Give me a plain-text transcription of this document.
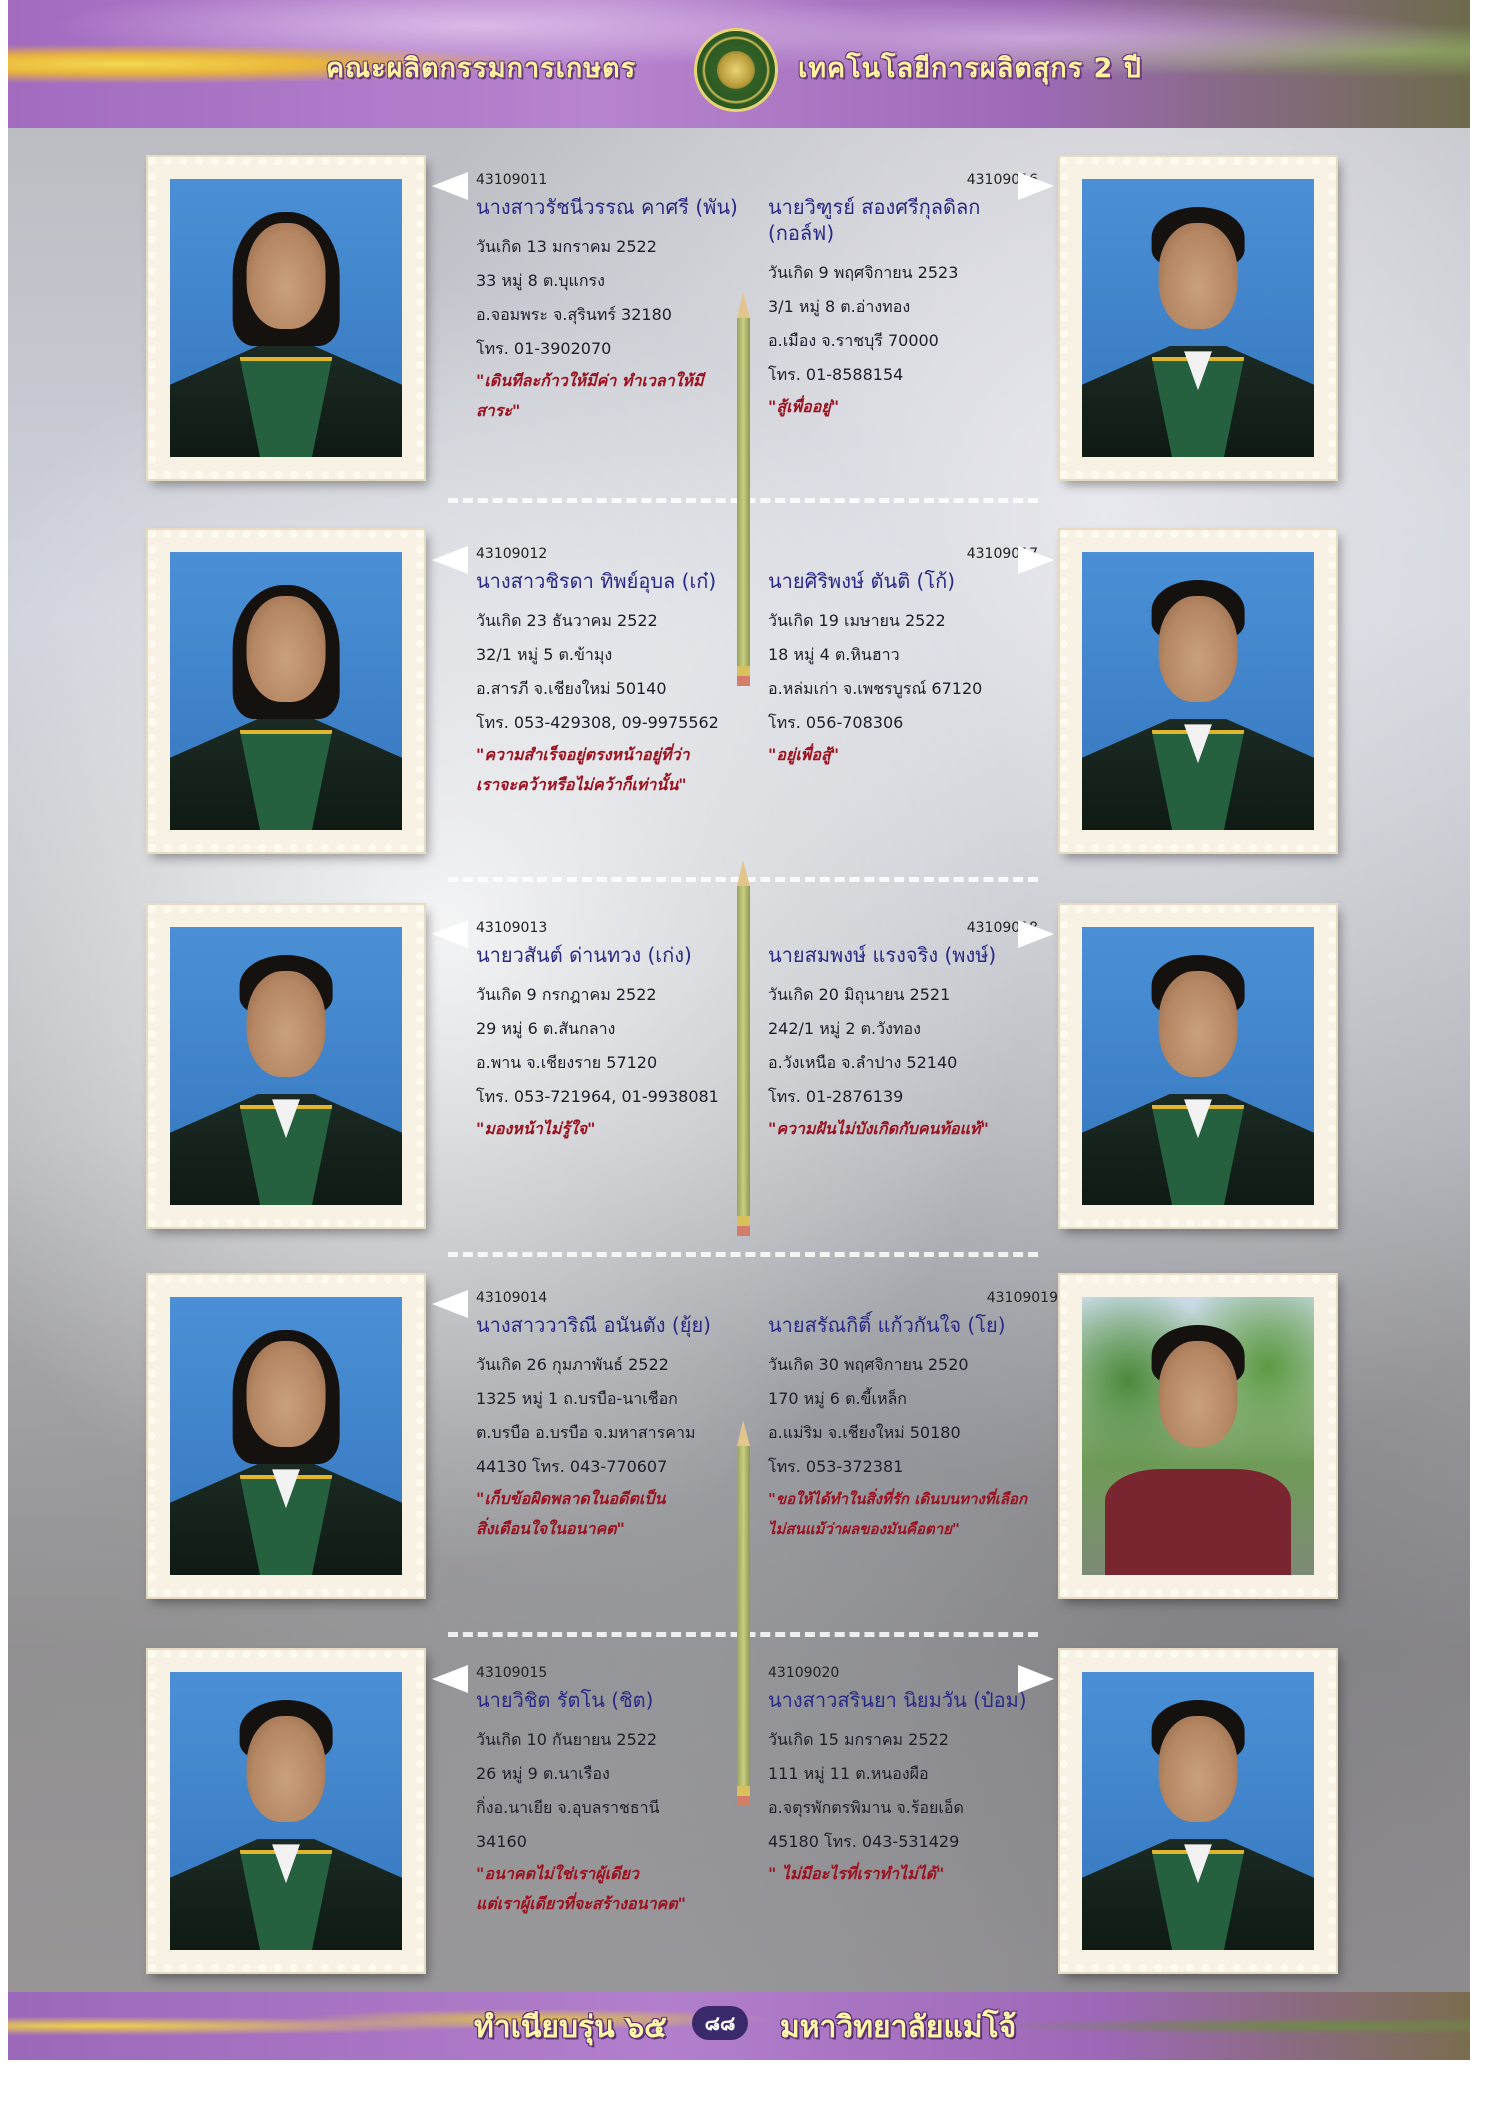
คณะผลิตกรรมการเกษตร	เทคโนโลยีการผลิตสุกร 2 ปี
43109011
นางสาวรัชนีวรรณ คาศรี (พัน)
วันเกิด 13 มกราคม 2522
33 หมู่ 8 ต.บุแกรง
อ.จอมพระ จ.สุรินทร์ 32180
โทร. 01-3902070
"เดินทีละก้าวให้มีค่า ทำเวลาให้มีสาระ"
43109016
นายวิฑูรย์ สองศรีกุลดิลก (กอล์ฟ)
วันเกิด 9 พฤศจิกายน 2523
3/1 หมู่ 8 ต.อ่างทอง
อ.เมือง จ.ราชบุรี 70000
โทร. 01-8588154
"สู้เพื่ออยู่"
43109012
นางสาวชิรดา ทิพย์อุบล (เก๋)
วันเกิด 23 ธันวาคม 2522
32/1 หมู่ 5 ต.ข้ามุง
อ.สารภี จ.เชียงใหม่ 50140
โทร. 053-429308, 09-9975562
"ความสำเร็จอยู่ตรงหน้าอยู่ที่ว่า
เราจะคว้าหรือไม่คว้าก็เท่านั้น"
43109017
นายศิริพงษ์ ตันติ (โก้)
วันเกิด 19 เมษายน 2522
18 หมู่ 4 ต.หินฮาว
อ.หล่มเก่า จ.เพชรบูรณ์ 67120
โทร. 056-708306
"อยู่เพื่อสู้"
43109013
นายวสันต์ ด่านทวง (เก่ง)
วันเกิด 9 กรกฎาคม 2522
29 หมู่ 6 ต.สันกลาง
อ.พาน จ.เชียงราย 57120
โทร. 053-721964, 01-9938081
"มองหน้าไม่รู้ใจ"
43109018
นายสมพงษ์ แรงจริง (พงษ์)
วันเกิด 20 มิถุนายน 2521
242/1 หมู่ 2 ต.วังทอง
อ.วังเหนือ จ.ลำปาง 52140
โทร. 01-2876139
"ความฝันไม่บังเกิดกับคนท้อแท้"
43109014
นางสาววาริณี อนันตัง (ยุ้ย)
วันเกิด 26 กุมภาพันธ์ 2522
1325 หมู่ 1 ถ.บรบือ-นาเชือก
ต.บรบือ อ.บรบือ จ.มหาสารคาม
44130 โทร. 043-770607
"เก็บข้อผิดพลาดในอดีตเป็น
สิ่งเตือนใจในอนาคต"
43109019
นายสรัณกิติ์ แก้วกันใจ (โย)
วันเกิด 30 พฤศจิกายน 2520
170 หมู่ 6 ต.ขี้เหล็ก
อ.แม่ริม จ.เชียงใหม่ 50180
โทร. 053-372381
"ขอให้ได้ทำในสิ่งที่รัก เดินบนทางที่เลือก
ไม่สนแม้ว่าผลของมันคือตาย"
43109015
นายวิชิต รัตโน (ชิต)
วันเกิด 10 กันยายน 2522
26 หมู่ 9 ต.นาเรือง
กิ่งอ.นาเยีย จ.อุบลราชธานี
34160
"อนาคตไม่ใช่เราผู้เดียว
แต่เราผู้เดียวที่จะสร้างอนาคต"
43109020
นางสาวสรินยา นิยมวัน (ป๋อม)
วันเกิด 15 มกราคม 2522
111 หมู่ 11 ต.หนองผือ
อ.จตุรพักตรพิมาน จ.ร้อยเอ็ด
45180 โทร. 043-531429
" ไม่มีอะไรที่เราทำไม่ได้"
ทำเนียบรุ่น ๖๕	๘๘	มหาวิทยาลัยแม่โจ้
